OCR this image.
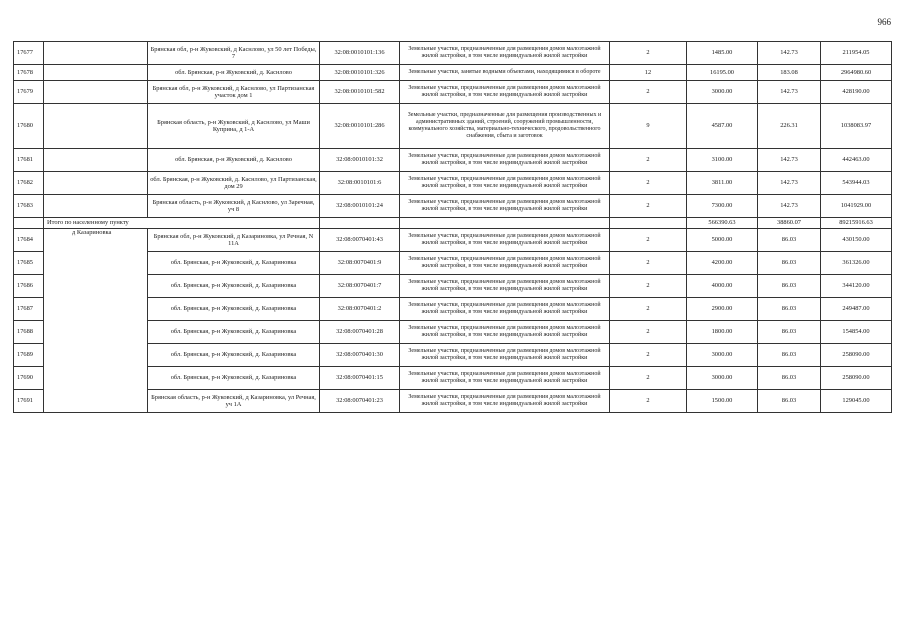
966
17677		Брянская обл, р-н Жуковский, д Каснлово, ул 50 лет Победы, 7	32:08:0010101:136	Земельные участки, предназначенные для размещения домов малоэтажной жилой застройки, в том числе индивидуальной жилой застройки	2	1485.00	142.73	211954.05
17678		обл. Брянская, р-н Жуковский, д. Каснлово	32:08:0010101:326	Земельные участки, занятые водными объектами, находящимися в обороте	12	16195.00	183.08	2964980.60
17679		Брянская обл, р-н Жуковский, д Каснлово, ул Партизанская участок дом 1	32:08:0010101:582	Земельные участки, предназначенные для размещения домов малоэтажной жилой застройки, в том числе индивидуальной жилой застройки	2	3000.00	142.73	428190.00
17680		Брянская область, р-н Жуковский, д Каснлово, ул Маши Куприна, д 1-А	32:08:0010101:286	Земельные участки, предназначенные для размещения производственных и административных зданий, строений, сооружений промышленности, коммунального хозяйства, материально-технического, продовольственного снабжения, сбыта и заготовок	9	4587.00	226.31	1038083.97
17681		обл. Брянская, р-н Жуковский, д. Каснлово	32:08:0010101:32	Земельные участки, предназначенные для размещения домов малоэтажной жилой застройки, в том числе индивидуальной жилой застройки	2	3100.00	142.73	442463.00
17682		обл. Брянская, р-н Жуковский, д. Каснлово, ул Партизанская, дом 29	32:08:0010101:6	Земельные участки, предназначенные для размещения домов малоэтажной жилой застройки, в том числе индивидуальной жилой застройки	2	3811.00	142.73	543944.03
17683		Брянская область, р-н Жуковский, д Каснлово, ул Заречная, уч 8	32:08:0010101:24	Земельные участки, предназначенные для размещения домов малоэтажной жилой застройки, в том числе индивидуальной жилой застройки	2	7300.00	142.73	1041929.00
	Итого по населенному пункту					566390.63	38860.07	89215916.63
17684	д Казариновка	Брянская обл, р-н Жуковский, д Казариновка, ул Речная, N 11А	32:08:0070401:43	Земельные участки, предназначенные для размещения домов малоэтажной жилой застройки, в том числе индивидуальной жилой застройки	2	5000.00	86.03	430150.00
17685		обл. Брянская, р-н Жуковский, д. Казариновка	32:08:0070401:9	Земельные участки, предназначенные для размещения домов малоэтажной жилой застройки, в том числе индивидуальной жилой застройки	2	4200.00	86.03	361326.00
17686		обл. Брянская, р-н Жуковский, д. Казариновка	32:08:0070401:7	Земельные участки, предназначенные для размещения домов малоэтажной жилой застройки, в том числе индивидуальной жилой застройки	2	4000.00	86.03	344120.00
17687		обл. Брянская, р-н Жуковский, д. Казариновка	32:08:0070401:2	Земельные участки, предназначенные для размещения домов малоэтажной жилой застройки, в том числе индивидуальной жилой застройки	2	2900.00	86.03	249487.00
17688		обл. Брянская, р-н Жуковский, д. Казариновка	32:08:0070401:28	Земельные участки, предназначенные для размещения домов малоэтажной жилой застройки, в том числе индивидуальной жилой застройки	2	1800.00	86.03	154854.00
17689		обл. Брянская, р-н Жуковский, д. Казариновка	32:08:0070401:30	Земельные участки, предназначенные для размещения домов малоэтажной жилой застройки, в том числе индивидуальной жилой застройки	2	3000.00	86.03	258090.00
17690		обл. Брянская, р-н Жуковский, д. Казариновка	32:08:0070401:15	Земельные участки, предназначенные для размещения домов малоэтажной жилой застройки, в том числе индивидуальной жилой застройки	2	3000.00	86.03	258090.00
17691		Брянская область, р-н Жуковский, д Казариновка, ул Речная, уч 1А	32:08:0070401:23	Земельные участки, предназначенные для размещения домов малоэтажной жилой застройки, в том числе индивидуальной жилой застройки	2	1500.00	86.03	129045.00
